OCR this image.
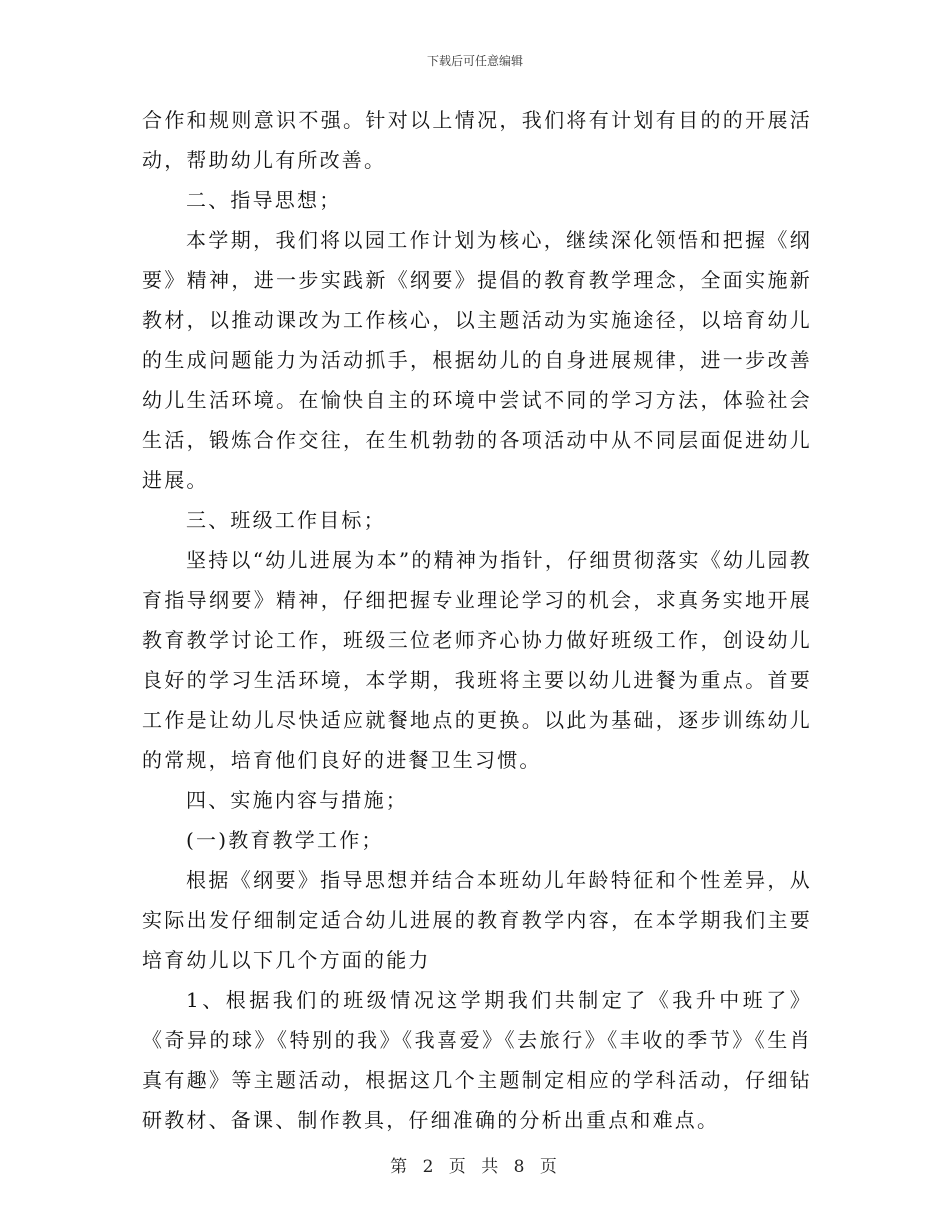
下载后可任意编辑

合作和规则意识不强。针对以上情况，我们将有计划有目的的开展活动，帮助幼儿有所改善。

二、指导思想；

本学期，我们将以园工作计划为核心，继续深化领悟和把握《纲要》精神，进一步实践新《纲要》提倡的教育教学理念，全面实施新教材，以推动课改为工作核心，以主题活动为实施途径，以培育幼儿的生成问题能力为活动抓手，根据幼儿的自身进展规律，进一步改善幼儿生活环境。在愉快自主的环境中尝试不同的学习方法，体验社会生活，锻炼合作交往，在生机勃勃的各项活动中从不同层面促进幼儿进展。

三、班级工作目标；

坚持以“幼儿进展为本”的精神为指针，仔细贯彻落实《幼儿园教育指导纲要》精神，仔细把握专业理论学习的机会，求真务实地开展教育教学讨论工作，班级三位老师齐心协力做好班级工作，创设幼儿良好的学习生活环境，本学期，我班将主要以幼儿进餐为重点。首要工作是让幼儿尽快适应就餐地点的更换。以此为基础，逐步训练幼儿的常规，培育他们良好的进餐卫生习惯。

四、实施内容与措施；

(一)教育教学工作；

根据《纲要》指导思想并结合本班幼儿年龄特征和个性差异，从实际出发仔细制定适合幼儿进展的教育教学内容，在本学期我们主要培育幼儿以下几个方面的能力

1、根据我们的班级情况这学期我们共制定了《我升中班了》《奇异的球》《特别的我》《我喜爱》《去旅行》《丰收的季节》《生肖真有趣》等主题活动，根据这几个主题制定相应的学科活动，仔细钻研教材、备课、制作教具，仔细准确的分析出重点和难点。

第 2 页 共 8 页
